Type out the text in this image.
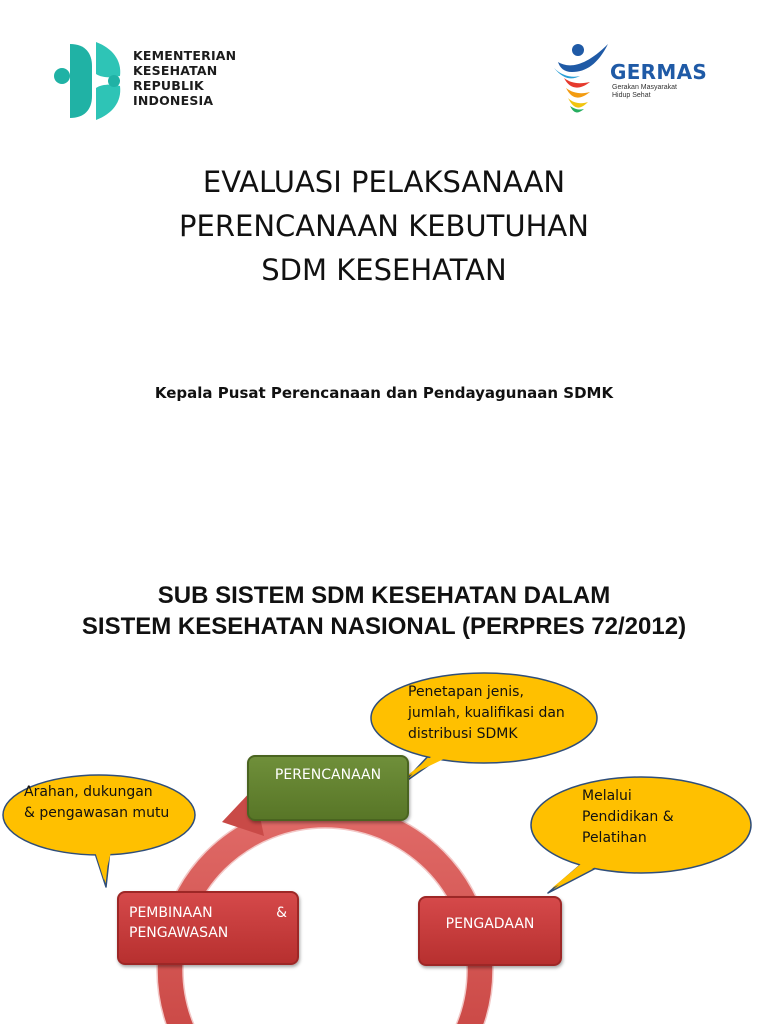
KEMENTERIAN
KESEHATAN
REPUBLIK
INDONESIA
GERMAS
Gerakan Masyarakat
Hidup Sehat
EVALUASI PELAKSANAAN
PERENCANAAN KEBUTUHAN
SDM KESEHATAN
Kepala Pusat Perencanaan dan Pendayagunaan SDMK
SUB SISTEM SDM KESEHATAN DALAM
SISTEM KESEHATAN NASIONAL (PERPRES 72/2012)
PERENCANAAN
PENGADAAN
PEMBINAAN	&
PENGAWASAN
Penetapan jenis,
jumlah, kualifikasi dan
distribusi SDMK
Melalui
Pendidikan &
Pelatihan
Arahan, dukungan
& pengawasan mutu
